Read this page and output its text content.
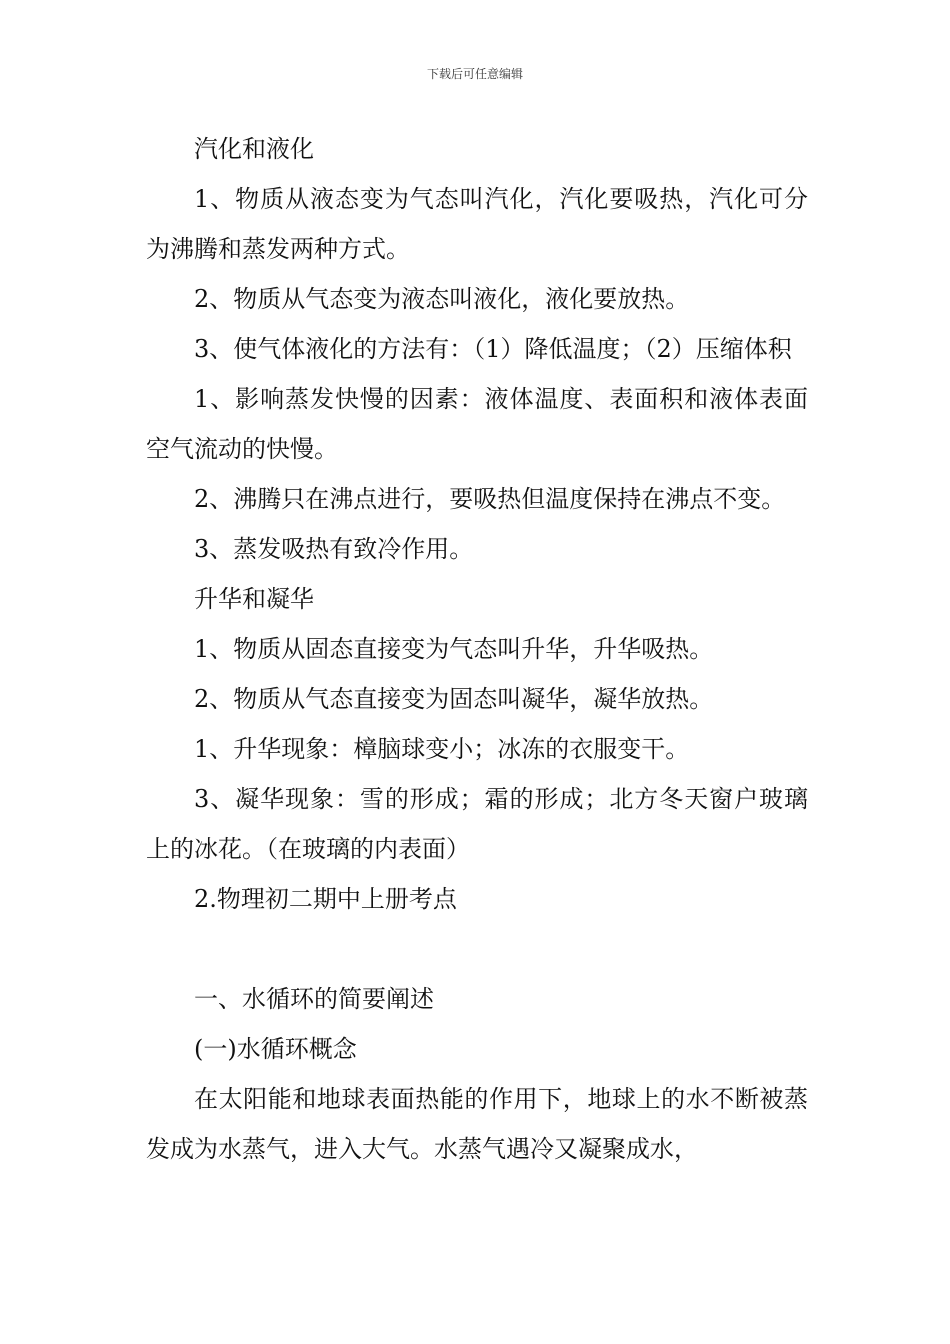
下载后可任意编辑

汽化和液化

1、物质从液态变为气态叫汽化，汽化要吸热，汽化可分为沸腾和蒸发两种方式。

2、物质从气态变为液态叫液化，液化要放热。

3、使气体液化的方法有：（1）降低温度；（2）压缩体积

1、影响蒸发快慢的因素：液体温度、表面积和液体表面空气流动的快慢。

2、沸腾只在沸点进行，要吸热但温度保持在沸点不变。

3、蒸发吸热有致冷作用。

升华和凝华

1、物质从固态直接变为气态叫升华，升华吸热。

2、物质从气态直接变为固态叫凝华，凝华放热。

1、升华现象：樟脑球变小；冰冻的衣服变干。

3、凝华现象：雪的形成；霜的形成；北方冬天窗户玻璃上的冰花。（在玻璃的内表面）

2.物理初二期中上册考点

一、水循环的简要阐述

(一)水循环概念

在太阳能和地球表面热能的作用下，地球上的水不断被蒸发成为水蒸气，进入大气。水蒸气遇冷又凝聚成水，
